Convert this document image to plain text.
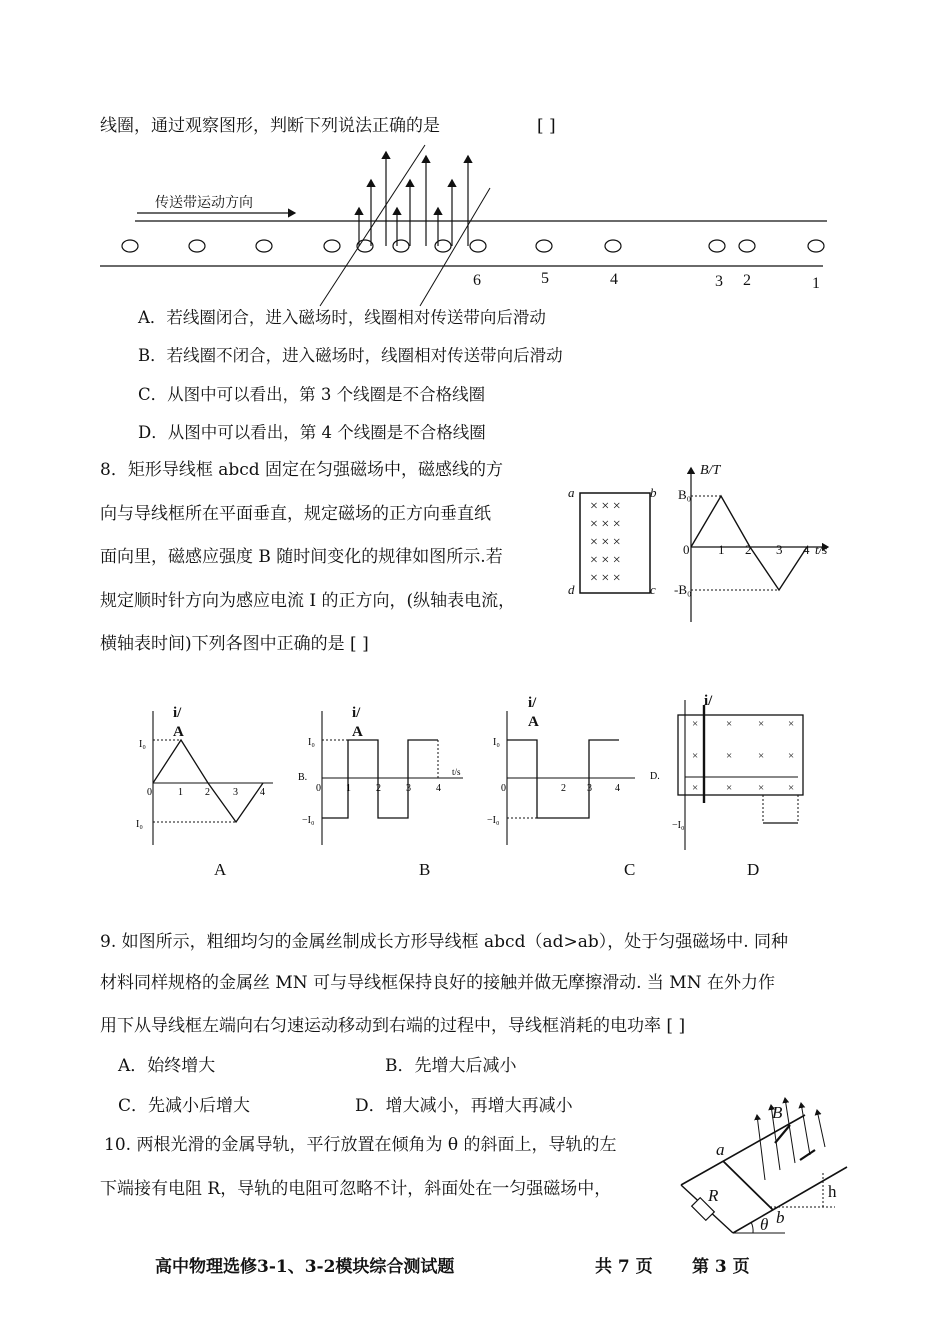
线圈，通过观察图形，判断下列说法正确的是	[ ]
传送带运动方向
6	5	4	3 2	1
A．若线圈闭合，进入磁场时，线圈相对传送带向后滑动
B．若线圈不闭合，进入磁场时，线圈相对传送带向后滑动
C．从图中可以看出，第 3 个线圈是不合格线圈
D．从图中可以看出，第 4 个线圈是不合格线圈
8．矩形导线框 abcd 固定在匀强磁场中，磁感线的方
向与导线框所在平面垂直，规定磁场的正方向垂直纸
面向里，磁感应强度 B 随时间变化的规律如图所示.若
规定顺时针方向为感应电流 I 的正方向，(纵轴表电流，
横轴表时间)下列各图中正确的是 [ ]
× × ×
× × ×
× × ×
× × ×
× × ×
a	b
c
d
B/T
t/s
B₀
-B₀
0 1 2 3 4
I₀
I₀
0	1 2 3 4
i/
A
B.
I₀
−I₀
0	1	2	3	4
t/s
i/
A
I₀
−I₀
0	2 3 4
i/
A
D.
−I₀
×	× × ×
×	× × ×
×	× × ×
i/
A	B	C	D
9. 如图所示，粗细均匀的金属丝制成长方形导线框 abcd（ad>ab），处于匀强磁场中. 同种
材料同样规格的金属丝 MN 可与导线框保持良好的接触并做无摩擦滑动. 当 MN 在外力作
用下从导线框左端向右匀速运动移动到右端的过程中，导线框消耗的电功率 [ ]
A．始终增大	B．先增大后减小
C．先减小后增大	D．增大减小，再增大再减小
10. 两根光滑的金属导轨，平行放置在倾角为 θ 的斜面上，导轨的左
下端接有电阻 R，导轨的电阻可忽略不计，斜面处在一匀强磁场中，
B
a
b
R	h
θ
高中物理选修3-1、3-2模块综合测试题	共 7 页 第 3 页
